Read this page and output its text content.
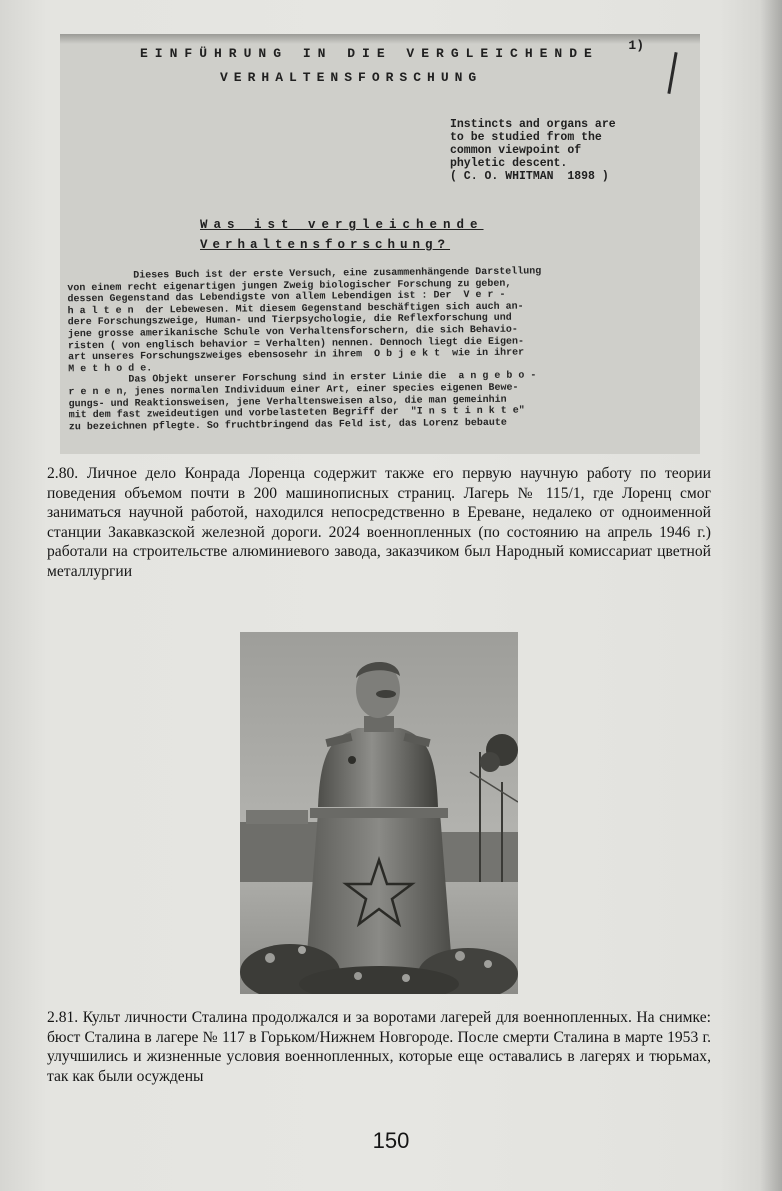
1)
EINFÜHRUNG IN DIE VERGLEICHENDE
VERHALTENSFORSCHUNG
Instincts and organs are
to be studied from the
common viewpoint of
phyletic descent.
( C. O. WHITMAN  1898 )
Was ist vergleichende
Verhaltensforschung?
Dieses Buch ist der erste Versuch, eine zusammenhängende Darstellung
von einem recht eigenartigen jungen Zweig biologischer Forschung zu geben,
dessen Gegenstand das Lebendigste von allem Lebendigen ist : Der  V e r -
h a l t e n  der Lebewesen. Mit diesem Gegenstand beschäftigen sich auch an-
dere Forschungszweige, Human- und Tierpsychologie, die Reflexforschung und
jene grosse amerikanische Schule von Verhaltensforschern, die sich Behavio-
risten ( von englisch behavior = Verhalten) nennen. Dennoch liegt die Eigen-
art unseres Forschungszweiges ebensosehr in ihrem  O b j e k t  wie in ihrer
M e t h o d e.
Das Objekt unserer Forschung sind in erster Linie die  a n g e b o -
r e n e n, jenes normalen Individuum einer Art, einer species eigenen Bewe-
gungs- und Reaktionsweisen, jene Verhaltensweisen also, die man gemeinhin
mit dem fast zweideutigen und vorbelasteten Begriff der  "I n s t i n k t e"
zu bezeichnen pflegte. So fruchtbringend das Feld ist, das Lorenz bebaute
2.80. Личное дело Конрада Лоренца содержит также его первую научную работу по теории поведения объемом почти в 200 машинописных страниц. Лагерь № 115/1, где Лоренц смог заниматься научной работой, находился непосредственно в Ереване, недалеко от одноименной станции Закавказской железной дороги. 2024 военнопленных (по состоянию на апрель 1946 г.) работали на строительстве алюминиевого завода, заказчиком был Народный комиссариат цветной металлургии
2.81. Культ личности Сталина продолжался и за воротами лагерей для военнопленных. На снимке: бюст Сталина в лагере № 117 в Горьком/Нижнем Новгороде. После смерти Сталина в марте 1953 г. улучшились и жизненные условия военнопленных, которые еще оставались в лагерях и тюрьмах, так как были осуждены
150
